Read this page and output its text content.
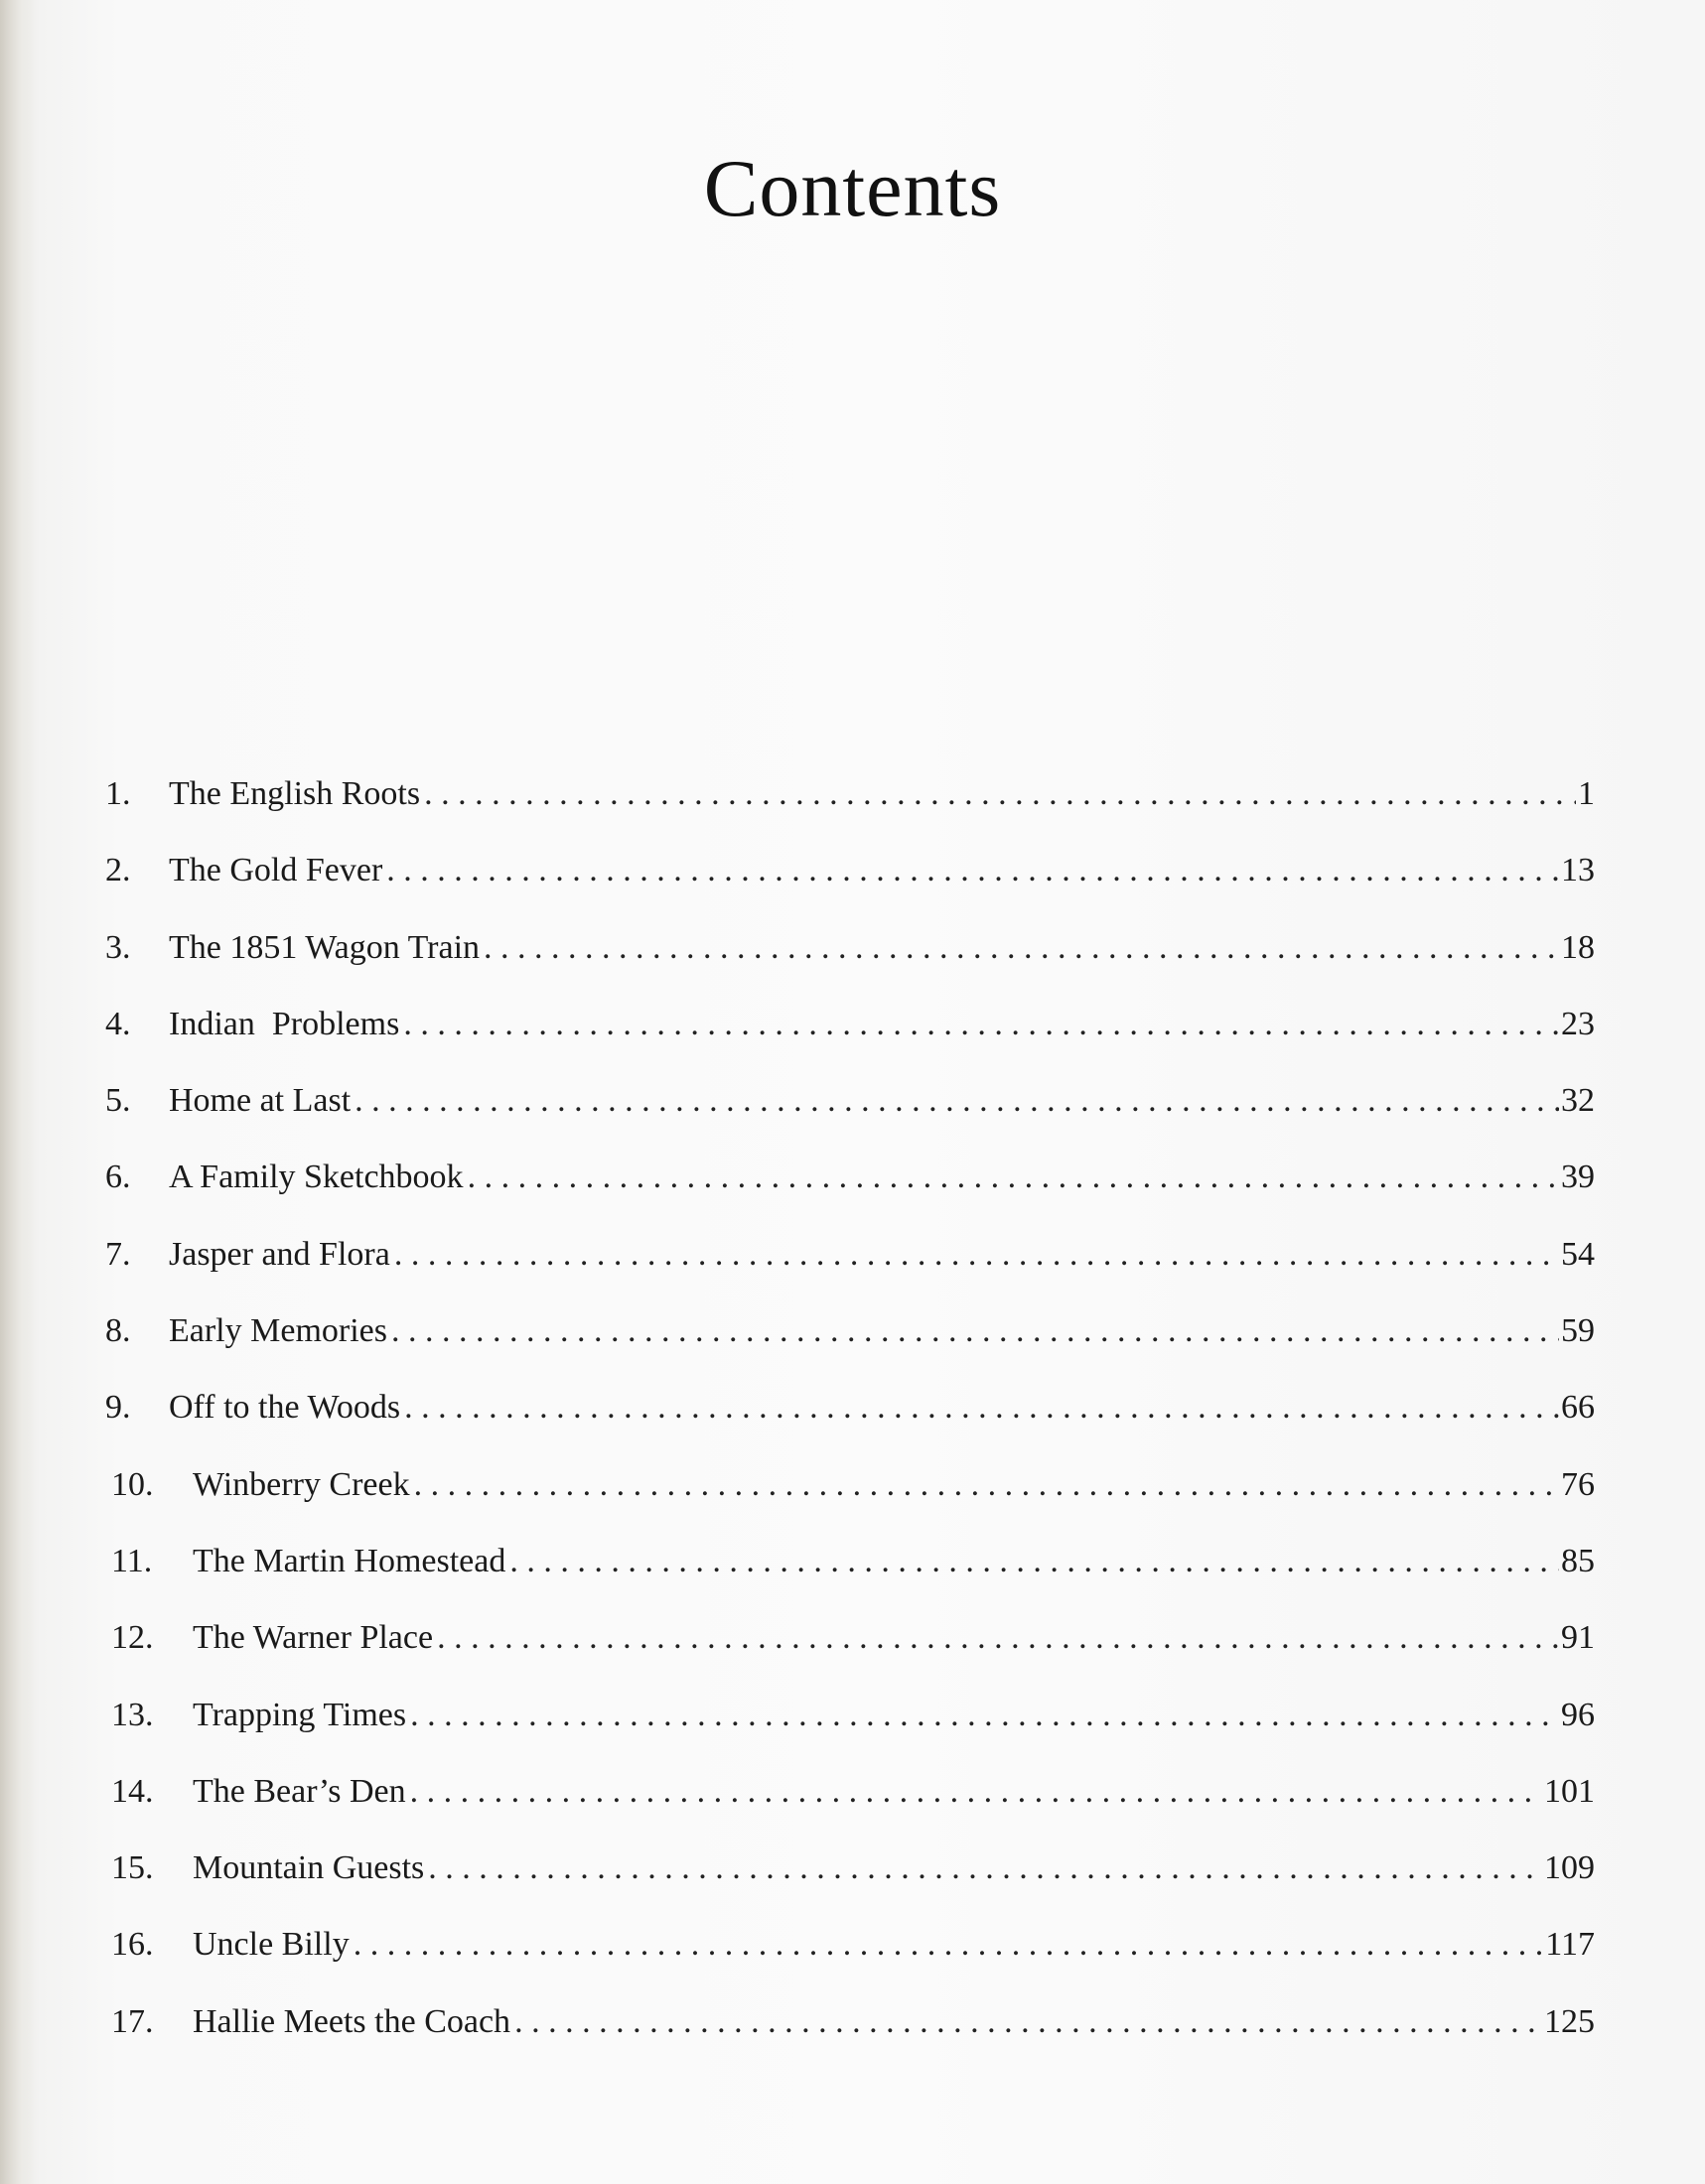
Contents
1.	The English Roots . . .	1
2.	The Gold Fever . . .	13
3.	The 1851 Wagon Train . . .	18
4.	Indian  Problems . . .	23
5.	Home at Last . . .	32
6.	A Family Sketchbook . . .	39
7.	Jasper and Flora . . .	54
8.	Early Memories . . .	59
9.	Off to the Woods . . .	66
10.	Winberry Creek . . .	76
11.	The Martin Homestead . . .	85
12.	The Warner Place . . .	91
13.	Trapping Times . . .	96
14.	The Bear’s Den . . .	101
15.	Mountain Guests . . .	109
16.	Uncle Billy . . .	117
17.	Hallie Meets the Coach . . .	125
